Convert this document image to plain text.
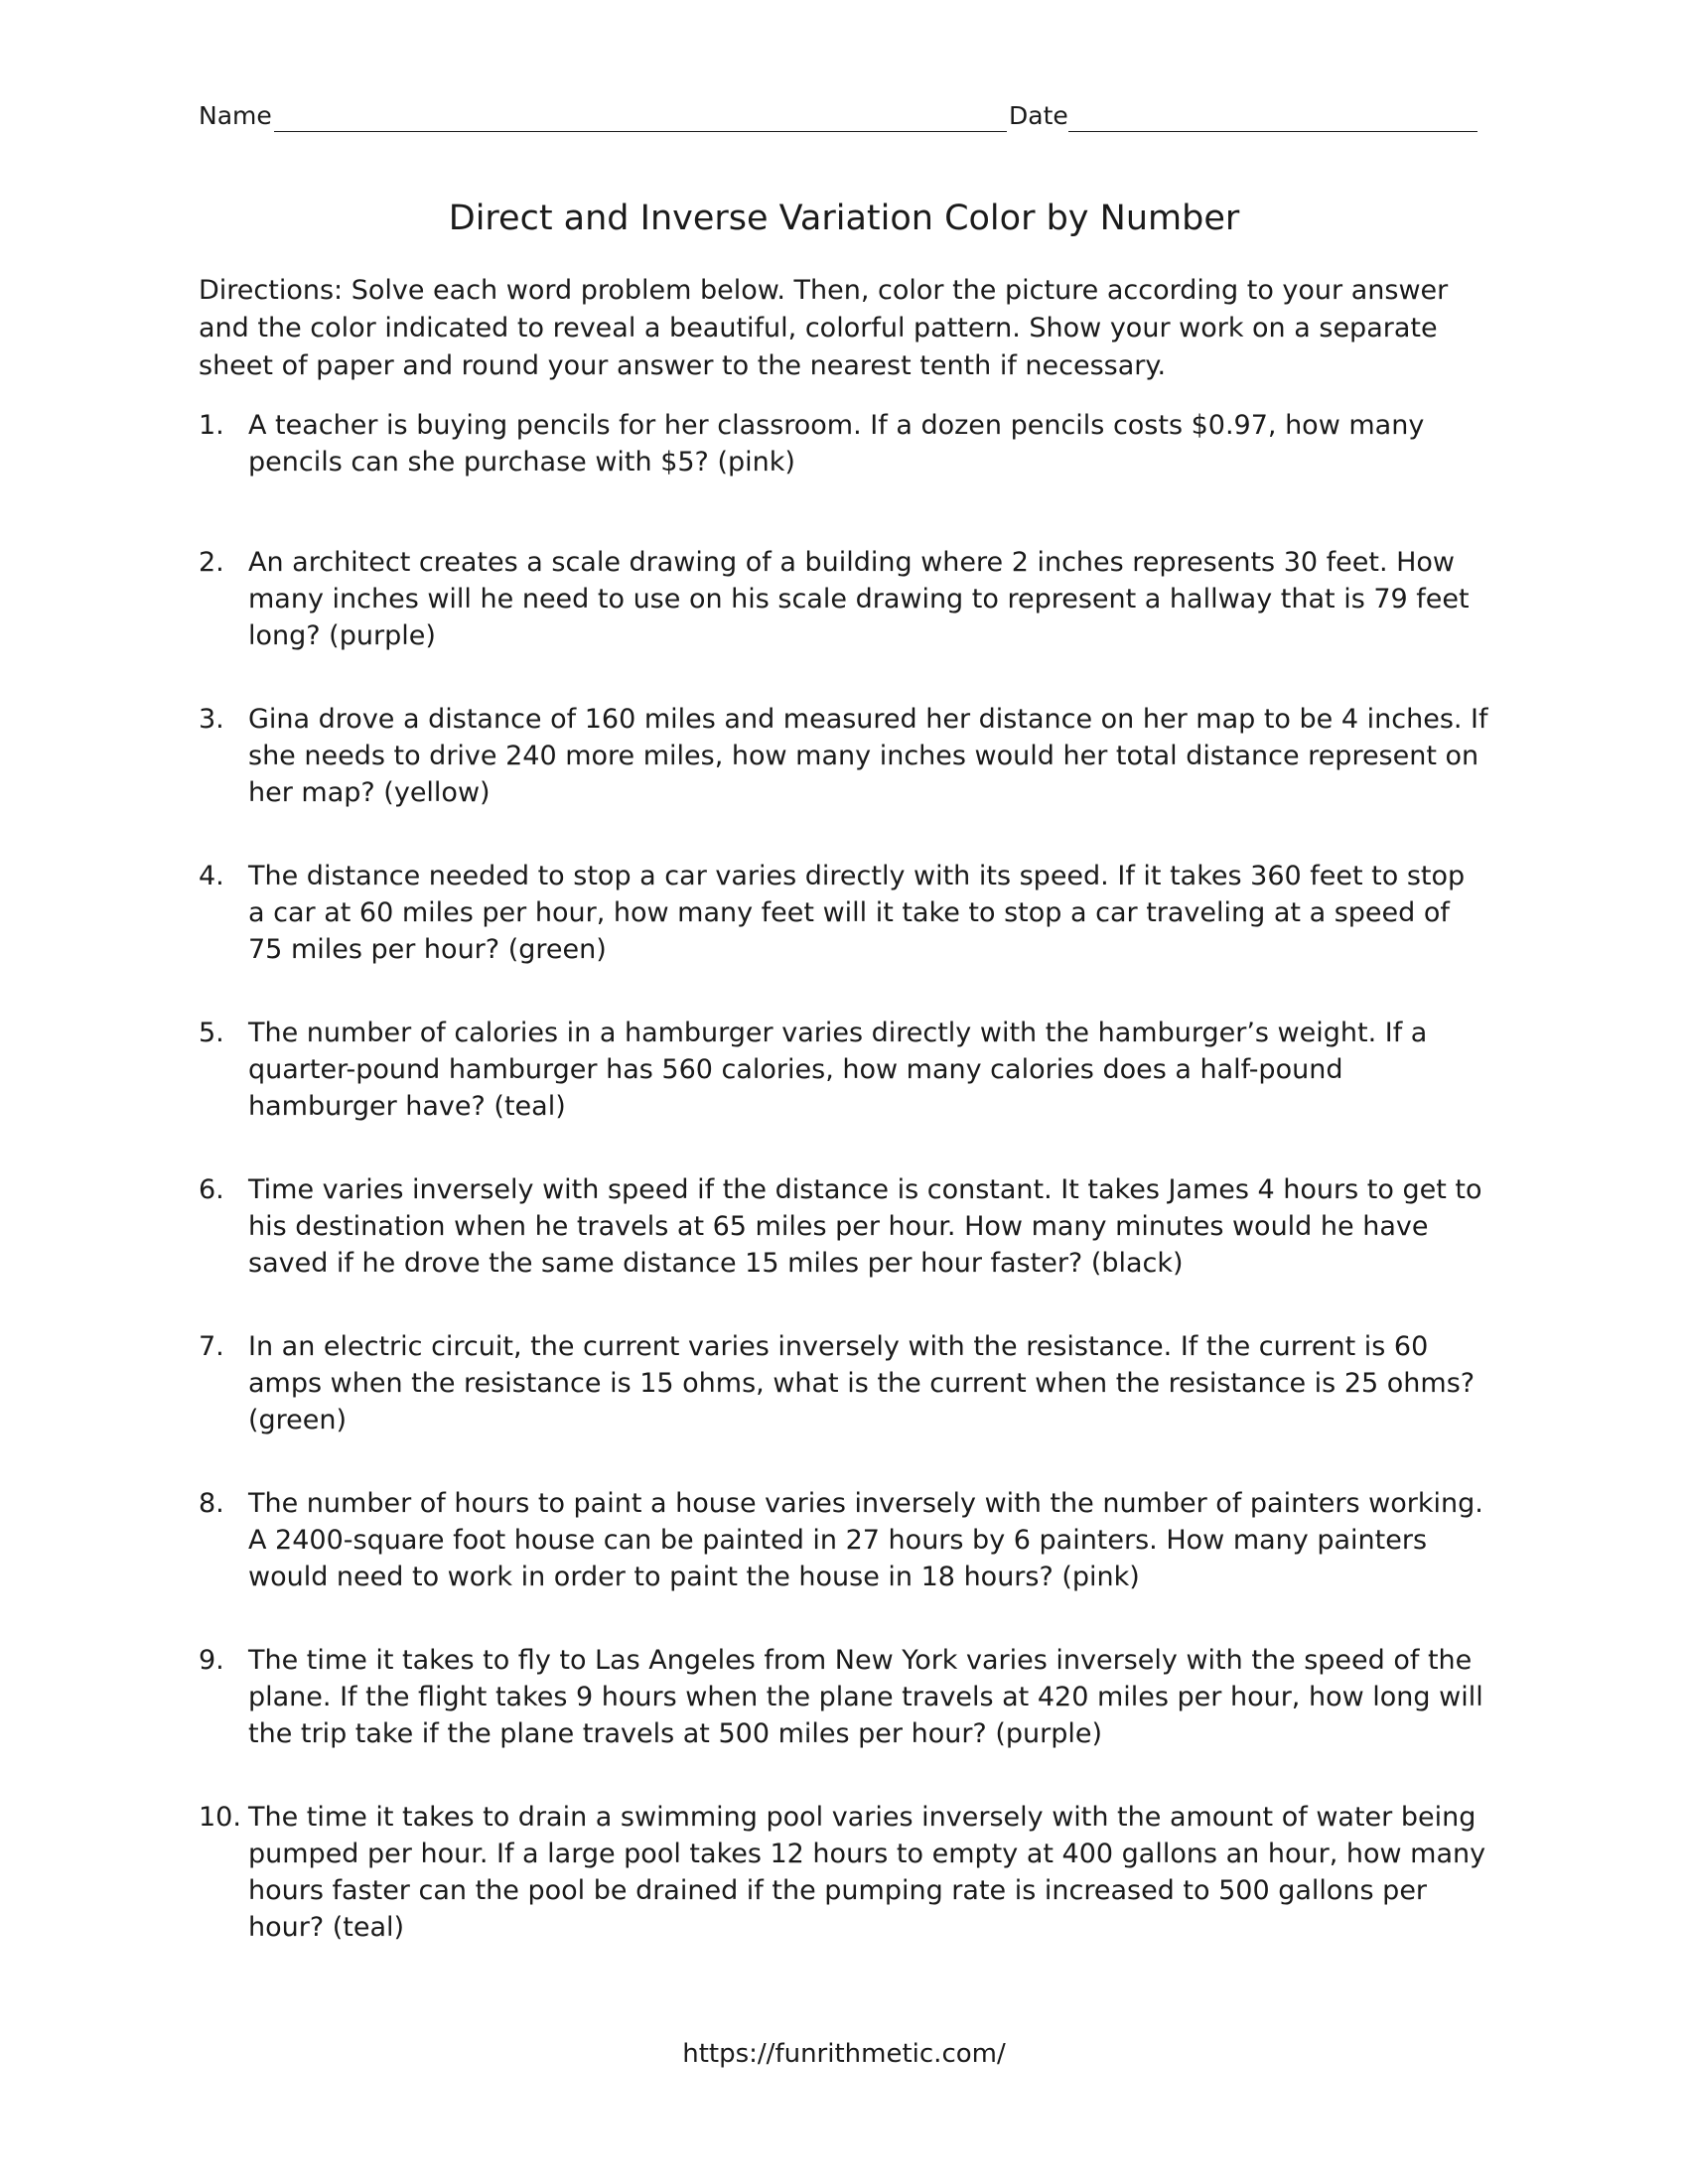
Name	Date
Direct and Inverse Variation Color by Number

Directions: Solve each word problem below. Then, color the picture according to your answer and the color indicated to reveal a beautiful, colorful pattern. Show your work on a separate sheet of paper and round your answer to the nearest tenth if necessary.

1. A teacher is buying pencils for her classroom. If a dozen pencils costs $0.97, how many pencils can she purchase with $5? (pink)
2. An architect creates a scale drawing of a building where 2 inches represents 30 feet. How many inches will he need to use on his scale drawing to represent a hallway that is 79 feet long? (purple)
3. Gina drove a distance of 160 miles and measured her distance on her map to be 4 inches. If she needs to drive 240 more miles, how many inches would her total distance represent on her map? (yellow)
4. The distance needed to stop a car varies directly with its speed. If it takes 360 feet to stop a car at 60 miles per hour, how many feet will it take to stop a car traveling at a speed of 75 miles per hour? (green)
5. The number of calories in a hamburger varies directly with the hamburger’s weight. If a quarter-pound hamburger has 560 calories, how many calories does a half-pound hamburger have? (teal)
6. Time varies inversely with speed if the distance is constant. It takes James 4 hours to get to his destination when he travels at 65 miles per hour. How many minutes would he have saved if he drove the same distance 15 miles per hour faster? (black)
7. In an electric circuit, the current varies inversely with the resistance. If the current is 60 amps when the resistance is 15 ohms, what is the current when the resistance is 25 ohms? (green)
8. The number of hours to paint a house varies inversely with the number of painters working. A 2400-square foot house can be painted in 27 hours by 6 painters. How many painters would need to work in order to paint the house in 18 hours? (pink)
9. The time it takes to fly to Las Angeles from New York varies inversely with the speed of the plane. If the flight takes 9 hours when the plane travels at 420 miles per hour, how long will the trip take if the plane travels at 500 miles per hour? (purple)
10. The time it takes to drain a swimming pool varies inversely with the amount of water being pumped per hour. If a large pool takes 12 hours to empty at 400 gallons an hour, how many hours faster can the pool be drained if the pumping rate is increased to 500 gallons per hour? (teal)
https://funrithmetic.com/
